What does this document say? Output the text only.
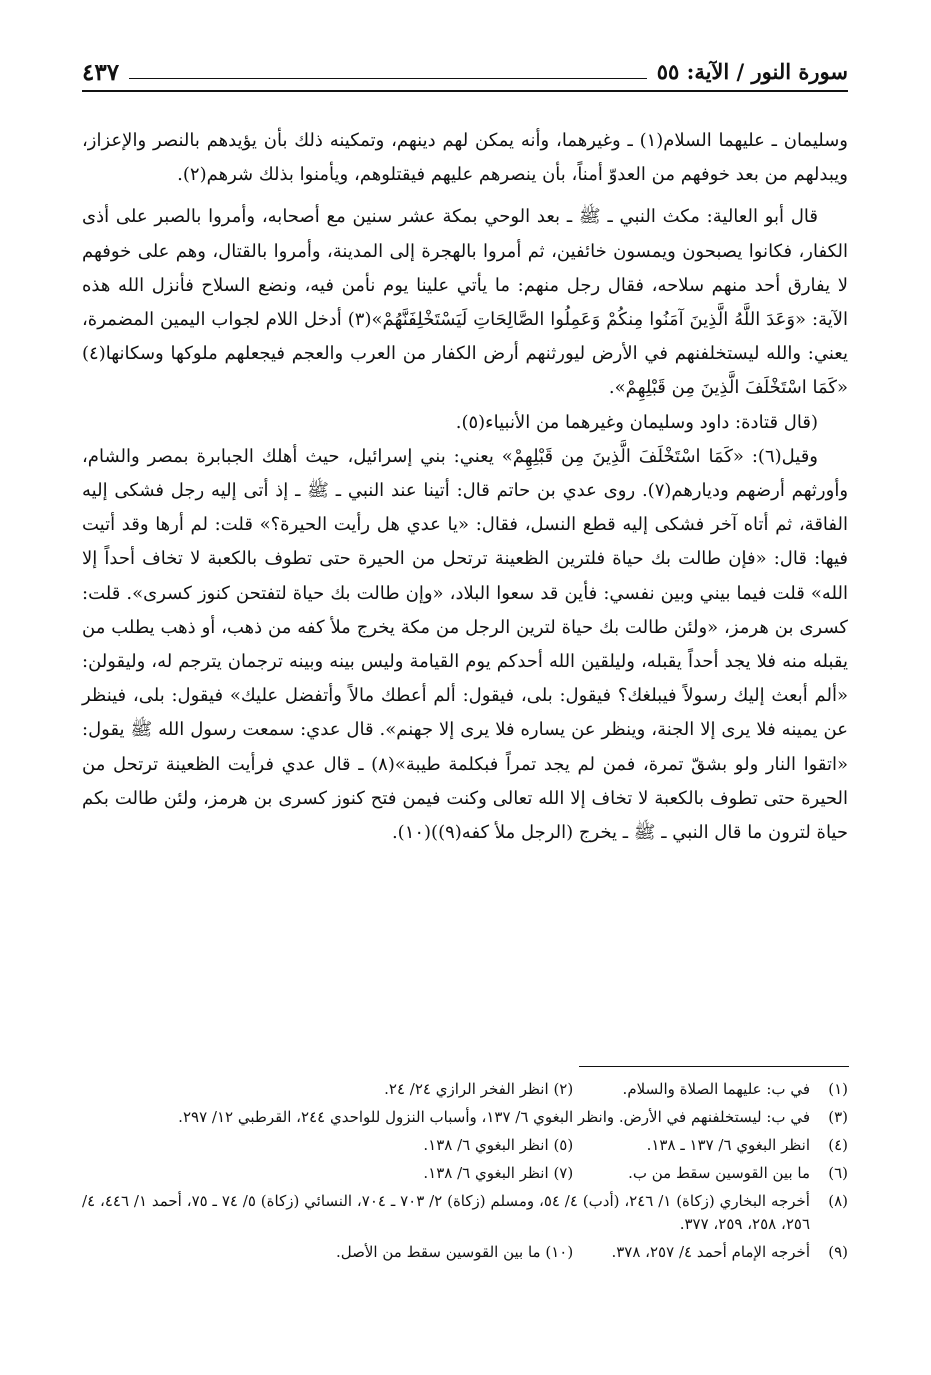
سورة النور / الآية: ٥٥
٤٣٧

وسليمان ـ عليهما السلام(١) ـ وغيرهما، وأنه يمكن لهم دينهم، وتمكينه ذلك بأن يؤيدهم بالنصر والإعزاز، ويبدلهم من بعد خوفهم من العدوّ أمناً، بأن ينصرهم عليهم فيقتلوهم، ويأمنوا بذلك شرهم(٢).

قال أبو العالية: مكث النبي ـ ﷺ ـ بعد الوحي بمكة عشر سنين مع أصحابه، وأمروا بالصبر على أذى الكفار، فكانوا يصبحون ويمسون خائفين، ثم أمروا بالهجرة إلى المدينة، وأمروا بالقتال، وهم على خوفهم لا يفارق أحد منهم سلاحه، فقال رجل منهم: ما يأتي علينا يوم نأمن فيه، ونضع السلاح فأنزل الله هذه الآية: «وَعَدَ اللَّهُ الَّذِينَ آمَنُوا مِنكُمْ وَعَمِلُوا الصَّالِحَاتِ لَيَسْتَخْلِفَنَّهُمْ»(٣) أدخل اللام لجواب اليمين المضمرة، يعني: والله ليستخلفنهم في الأرض ليورثنهم أرض الكفار من العرب والعجم فيجعلهم ملوكها وسكانها(٤) «كَمَا اسْتَخْلَفَ الَّذِينَ مِن قَبْلِهِمْ».

(قال قتادة: داود وسليمان وغيرهما من الأنبياء(٥).

وقيل(٦): «كَمَا اسْتَخْلَفَ الَّذِينَ مِن قَبْلِهِمْ» يعني: بني إسرائيل، حيث أهلك الجبابرة بمصر والشام، وأورثهم أرضهم وديارهم(٧). روى عدي بن حاتم قال: أتينا عند النبي ـ ﷺ ـ إذ أتى إليه رجل فشكى إليه الفاقة، ثم أتاه آخر فشكى إليه قطع النسل، فقال: «يا عدي هل رأيت الحيرة؟» قلت: لم أرها وقد أتيت فيها: قال: «فإن طالت بك حياة فلترين الظعينة ترتحل من الحيرة حتى تطوف بالكعبة لا تخاف أحداً إلا الله» قلت فيما بيني وبين نفسي: فأين قد سعوا البلاد، «وإن طالت بك حياة لتفتحن كنوز كسرى». قلت: كسرى بن هرمز، «ولئن طالت بك حياة لترين الرجل من مكة يخرج ملأ كفه من ذهب، أو ذهب يطلب من يقبله منه فلا يجد أحداً يقبله، وليلقين الله أحدكم يوم القيامة وليس بينه وبينه ترجمان يترجم له، وليقولن: «ألم أبعث إليك رسولاً فيبلغك؟ فيقول: بلى، فيقول: ألم أعطك مالاً وأتفضل عليك» فيقول: بلى، فينظر عن يمينه فلا يرى إلا الجنة، وينظر عن يساره فلا يرى إلا جهنم». قال عدي: سمعت رسول الله ﷺ يقول: «اتقوا النار ولو بشقّ تمرة، فمن لم يجد تمراً فبكلمة طيبة»(٨) ـ قال عدي فرأيت الظعينة ترتحل من الحيرة حتى تطوف بالكعبة لا تخاف إلا الله تعالى وكنت فيمن فتح كنوز كسرى بن هرمز، ولئن طالت بكم حياة لترون ما قال النبي ـ ﷺ ـ يخرج (الرجل ملأ كفه(٩))(١٠).

(١)
في ب: عليهما الصلاة والسلام. (٢) انظر الفخر الرازي ٢٤/ ٢٤.
(٣)
في ب: ليستخلفنهم في الأرض. وانظر البغوي ٦/ ١٣٧، وأسباب النزول للواحدي ٢٤٤، القرطبي ١٢/ ٢٩٧.
(٤)
انظر البغوي ٦/ ١٣٧ ـ ١٣٨. (٥) انظر البغوي ٦/ ١٣٨.
(٦)
ما بين القوسين سقط من ب. (٧) انظر البغوي ٦/ ١٣٨.
(٨)
أخرجه البخاري (زكاة) ١/ ٢٤٦، (أدب) ٤/ ٥٤، ومسلم (زكاة) ٢/ ٧٠٣ ـ ٧٠٤، النسائي (زكاة) ٥/ ٧٤ ـ ٧٥، أحمد ١/ ٤٤٦، ٤/ ٢٥٦، ٢٥٨، ٢٥٩، ٣٧٧.
(٩)
أخرجه الإمام أحمد ٤/ ٢٥٧، ٣٧٨. (١٠) ما بين القوسين سقط من الأصل.
